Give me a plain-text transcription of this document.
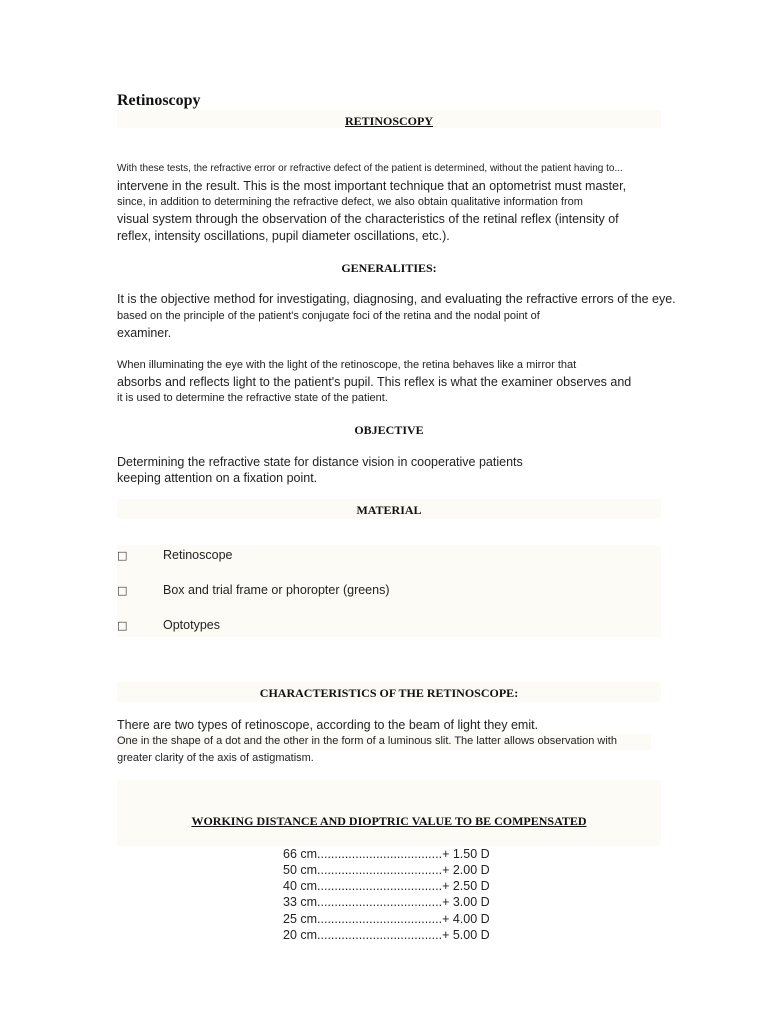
Retinoscopy
RETINOSCOPY
With these tests, the refractive error or refractive defect of the patient is determined, without the patient having to...
intervene in the result. This is the most important technique that an optometrist must master,
since, in addition to determining the refractive defect, we also obtain qualitative information from
visual system through the observation of the characteristics of the retinal reflex (intensity of
reflex, intensity oscillations, pupil diameter oscillations, etc.).
GENERALITIES:
It is the objective method for investigating, diagnosing, and evaluating the refractive errors of the eye.
based on the principle of the patient's conjugate foci of the retina and the nodal point of
examiner.
When illuminating the eye with the light of the retinoscope, the retina behaves like a mirror that
absorbs and reflects light to the patient's pupil. This reflex is what the examiner observes and
it is used to determine the refractive state of the patient.
OBJECTIVE
Determining the refractive state for distance vision in cooperative patients
keeping attention on a fixation point.
MATERIAL
□	Retinoscope
□	Box and trial frame or phoropter (greens)
□	Optotypes
CHARACTERISTICS OF THE RETINOSCOPE:
There are two types of retinoscope, according to the beam of light they emit.
One in the shape of a dot and the other in the form of a luminous slit. The latter allows observation with
greater clarity of the axis of astigmatism.
WORKING DISTANCE AND DIOPTRIC VALUE TO BE COMPENSATED
66 cm....................................+ 1.50 D
50 cm....................................+ 2.00 D
40 cm....................................+ 2.50 D
33 cm....................................+ 3.00 D
25 cm....................................+ 4.00 D
20 cm....................................+ 5.00 D
